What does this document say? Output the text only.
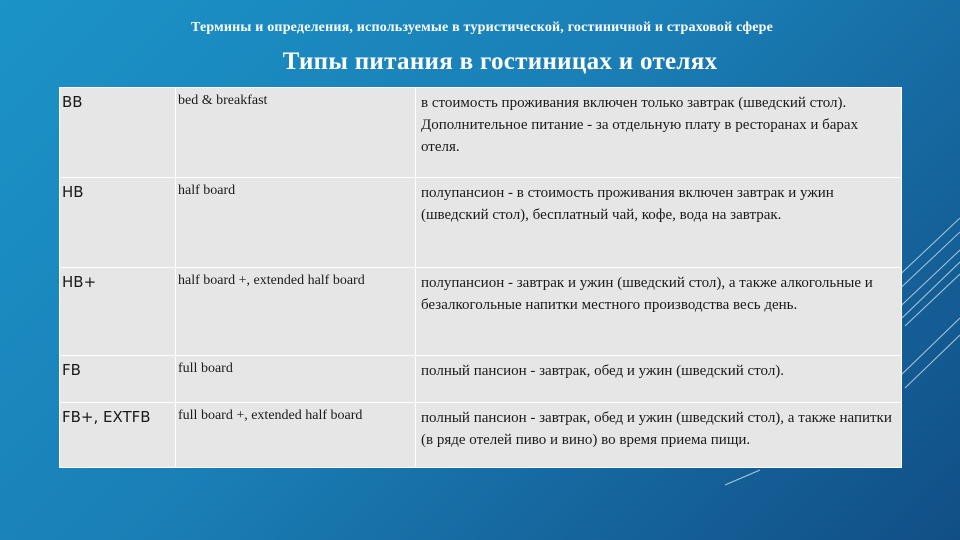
Термины и определения, используемые в туристической, гостиничной и страховой сфере
Типы питания в гостиницах и отелях
BB	bed & breakfast	в стоимость проживания включен только завтрак (шведский стол). Дополнительное питание - за отдельную плату в ресторанах и барах отеля.
HB	half board	полупансион - в стоимость проживания включен завтрак и ужин (шведский стол), бесплатный чай, кофе, вода на завтрак.
HB+	half board +, extended half board	полупансион - завтрак и ужин (шведский стол), а также алкогольные и безалкогольные напитки местного производства весь день.
FB	full board	полный пансион - завтрак, обед и ужин (шведский стол).
FB+, EXTFB	full board +, extended half board	полный пансион - завтрак, обед и ужин (шведский стол), а также напитки (в ряде отелей пиво и вино) во время приема пищи.
